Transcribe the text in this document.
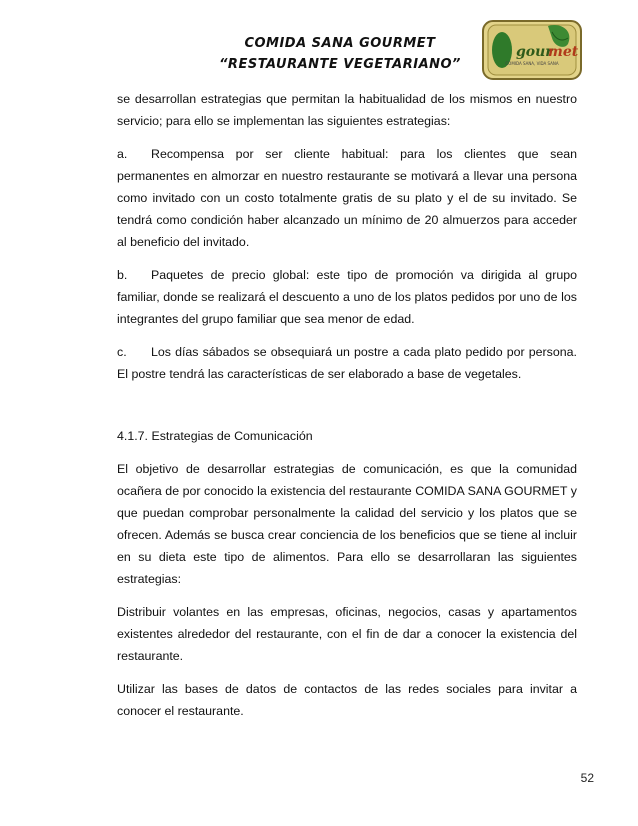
COMIDA SANA GOURMET
“RESTAURANTE VEGETARIANO”
gour
met
COMIDA SANA, VIDA SANA

se desarrollan estrategias que permitan la habitualidad de los mismos en nuestro servicio; para ello se implementan las siguientes estrategias:

a. Recompensa por ser cliente habitual: para los clientes que sean permanentes en almorzar en nuestro restaurante se motivará a llevar una persona como invitado con un costo totalmente gratis de su plato y el de su invitado. Se tendrá como condición haber alcanzado un mínimo de 20 almuerzos para acceder al beneficio del invitado.

b. Paquetes de precio global: este tipo de promoción va dirigida al grupo familiar, donde se realizará el descuento a uno de los platos pedidos por uno de los integrantes del grupo familiar que sea menor de edad.

c. Los días sábados se obsequiará un postre a cada plato pedido por persona. El postre tendrá las características de ser elaborado a base de vegetales.

4.1.7. Estrategias de Comunicación

El objetivo de desarrollar estrategias de comunicación, es que la comunidad ocañera de por conocido la existencia del restaurante COMIDA SANA GOURMET y que puedan comprobar personalmente la calidad del servicio y los platos que se ofrecen. Además se busca crear conciencia de los beneficios que se tiene al incluir en su dieta este tipo de alimentos. Para ello se desarrollaran las siguientes estrategias:

Distribuir volantes en las empresas, oficinas, negocios, casas y apartamentos existentes alrededor del restaurante, con el fin de dar a conocer la existencia del restaurante.

Utilizar las bases de datos de contactos de las redes sociales para invitar a conocer el restaurante.

52
